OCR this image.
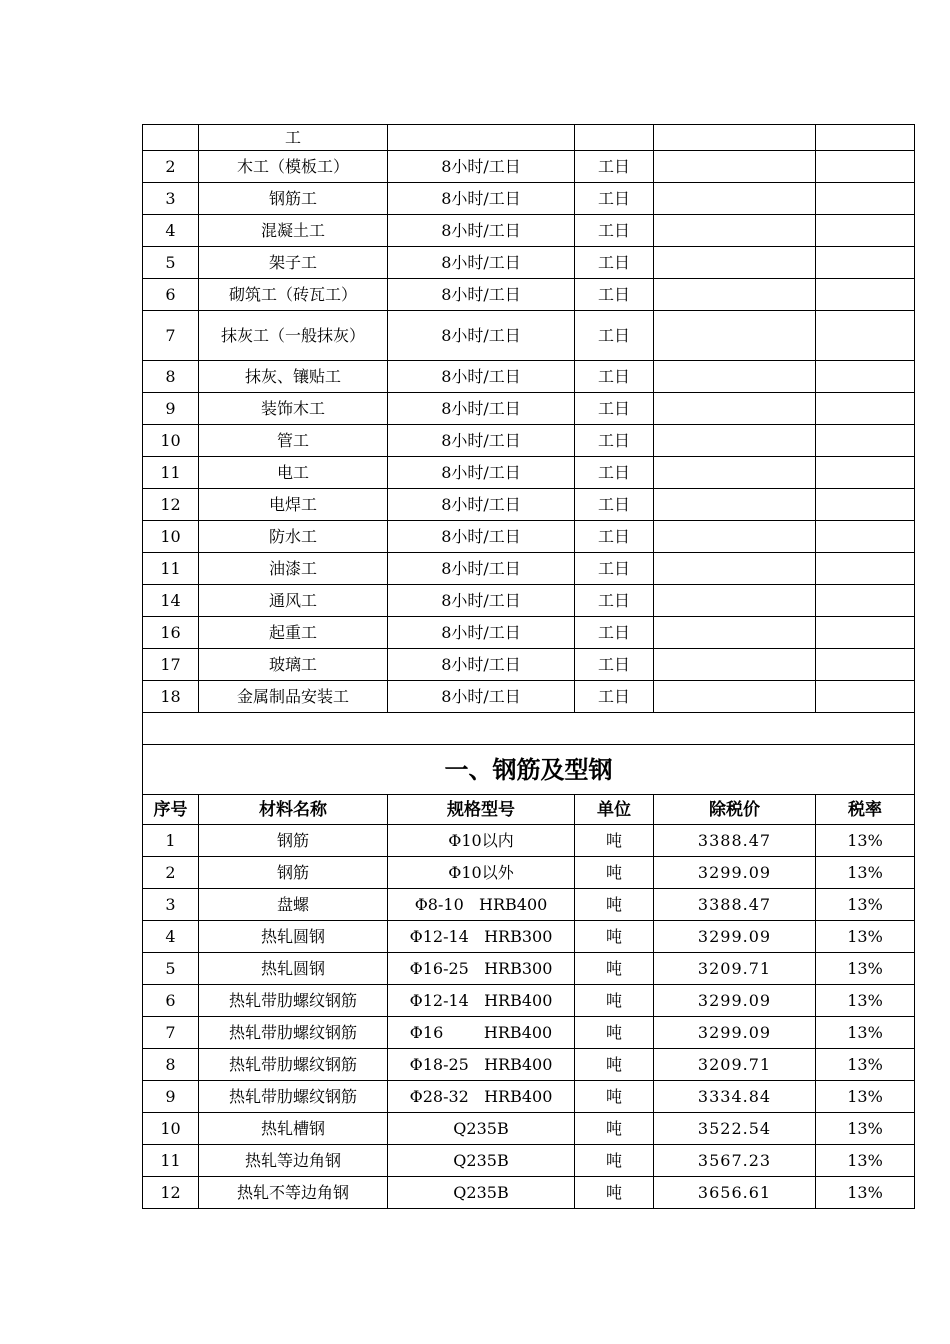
	工				
2	木工（模板工）	8小时/工日	工日		
3	钢筋工	8小时/工日	工日		
4	混凝土工	8小时/工日	工日		
5	架子工	8小时/工日	工日		
6	砌筑工（砖瓦工）	8小时/工日	工日		
7	抹灰工（一般抹灰）	8小时/工日	工日		
8	抹灰、镶贴工	8小时/工日	工日		
9	装饰木工	8小时/工日	工日		
10	管工	8小时/工日	工日		
11	电工	8小时/工日	工日		
12	电焊工	8小时/工日	工日		
10	防水工	8小时/工日	工日		
11	油漆工	8小时/工日	工日		
14	通风工	8小时/工日	工日		
16	起重工	8小时/工日	工日		
17	玻璃工	8小时/工日	工日		
18	金属制品安装工	8小时/工日	工日		

一、钢筋及型钢					
序号	材料名称	规格型号	单位	除税价	税率
1	钢筋	Φ10以内	吨	3388.47	13%
2	钢筋	Φ10以外	吨	3299.09	13%
3	盘螺	Φ8-10   HRB400	吨	3388.47	13%
4	热轧圆钢	Φ12-14   HRB300	吨	3299.09	13%
5	热轧圆钢	Φ16-25   HRB300	吨	3209.71	13%
6	热轧带肋螺纹钢筋	Φ12-14   HRB400	吨	3299.09	13%
7	热轧带肋螺纹钢筋	Φ16        HRB400	吨	3299.09	13%
8	热轧带肋螺纹钢筋	Φ18-25   HRB400	吨	3209.71	13%
9	热轧带肋螺纹钢筋	Φ28-32   HRB400	吨	3334.84	13%
10	热轧槽钢	Q235B	吨	3522.54	13%
11	热轧等边角钢	Q235B	吨	3567.23	13%
12	热轧不等边角钢	Q235B	吨	3656.61	13%
